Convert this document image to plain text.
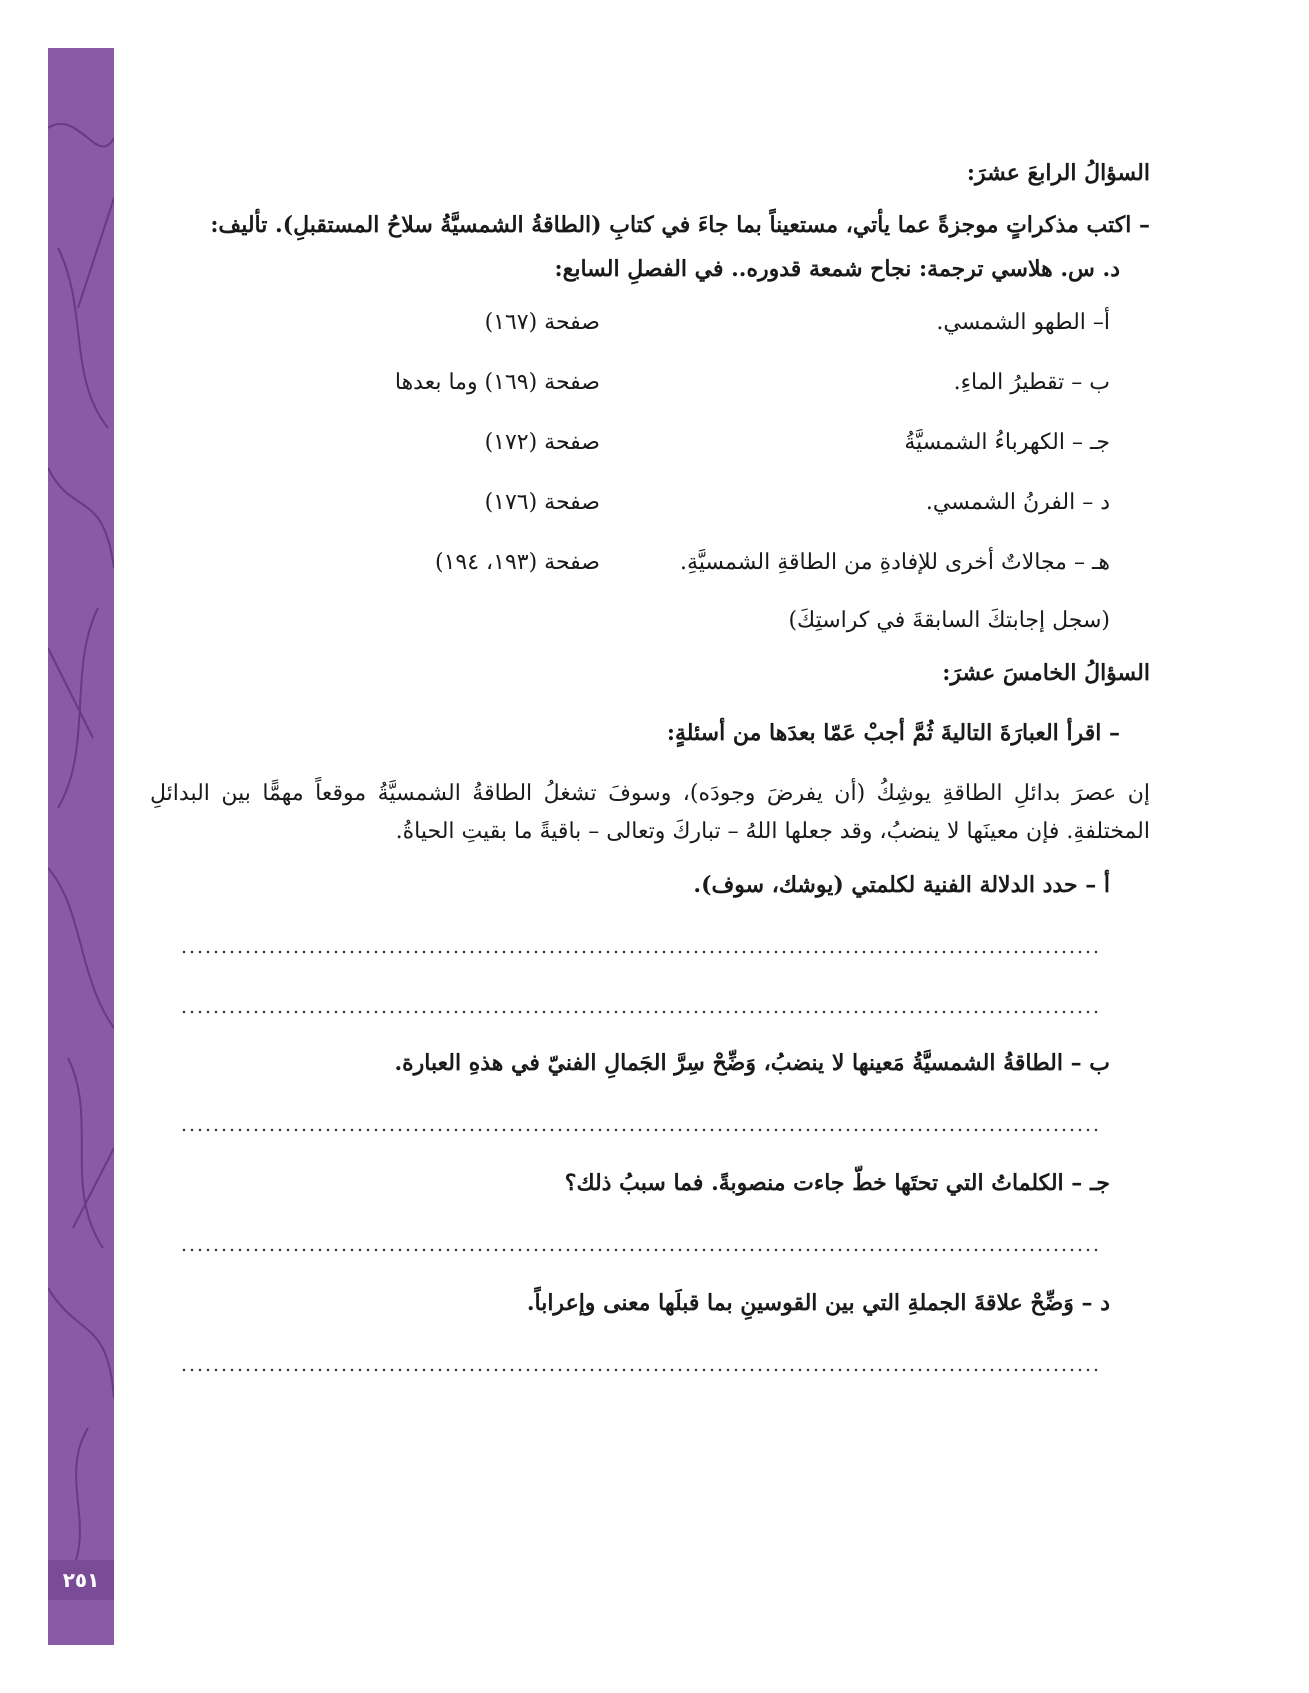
٢٥١
السؤالُ الرابعَ عشرَ:
– اكتب مذكراتٍ موجزةً عما يأتي، مستعيناً بما جاءَ في كتابِ (الطاقةُ الشمسيَّةُ سلاحُ المستقبلِ). تأليف:
د. س. هلاسي ترجمة: نجاح شمعة قدوره.. في الفصلِ السابع:
أ– الطهو الشمسي.
صفحة (١٦٧)
ب – تقطيرُ الماءِ.
صفحة (١٦٩) وما بعدها
جـ – الكهرباءُ الشمسيَّةُ
صفحة (١٧٢)
د – الفرنُ الشمسي.
صفحة (١٧٦)
هـ – مجالاتٌ أخرى للإفادةِ من الطاقةِ الشمسيَّةِ.
صفحة (١٩٣، ١٩٤)
(سجل إجابتكَ السابقةَ في كراستِكَ)
السؤالُ الخامسَ عشرَ:
– اقرأ العبارَةَ التاليةَ ثُمَّ أجبْ عَمّا بعدَها من أسئلةٍ:
إن عصرَ بدائلِ الطاقةِ يوشِكُ (أن يفرضَ وجودَه)، وسوفَ تشغلُ الطاقةُ الشمسيَّةُ موقعاً مهمًّا بين البدائلِ المختلفةِ. فإن معينَها لا ينضبُ، وقد جعلها اللهُ – تباركَ وتعالى – باقيةً ما بقيتِ الحياةُ.
أ – حدد الدلالة الفنية لكلمتي (يوشك، سوف).
ب – الطاقةُ الشمسيَّةُ مَعينها لا ينضبُ، وَضِّحْ سِرَّ الجَمالِ الفنيّ في هذهِ العبارة.
جـ – الكلماتُ التي تحتَها خطّ جاءت منصوبةً. فما سببُ ذلك؟
د – وَضِّحْ علاقةَ الجملةِ التي بين القوسينِ بما قبلَها معنى وإعراباً.
